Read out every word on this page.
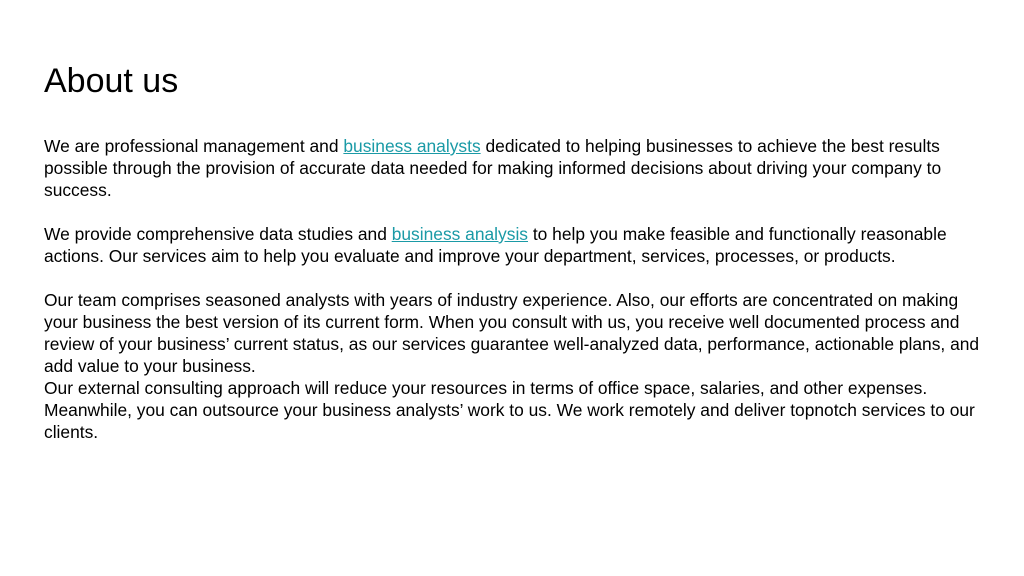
About us

We are professional management and business analysts dedicated to helping businesses to achieve the best results possible through the provision of accurate data needed for making informed decisions about driving your company to success.

We provide comprehensive data studies and business analysis to help you make feasible and functionally reasonable actions. Our services aim to help you evaluate and improve your department, services, processes, or products.

Our team comprises seasoned analysts with years of industry experience. Also, our efforts are concentrated on making your business the best version of its current form. When you consult with us, you receive well documented process and review of your business’ current status, as our services guarantee well-analyzed data, performance, actionable plans, and add value to your business.

Our external consulting approach will reduce your resources in terms of office space, salaries, and other expenses. Meanwhile, you can outsource your business analysts’ work to us. We work remotely and deliver topnotch services to our clients.
